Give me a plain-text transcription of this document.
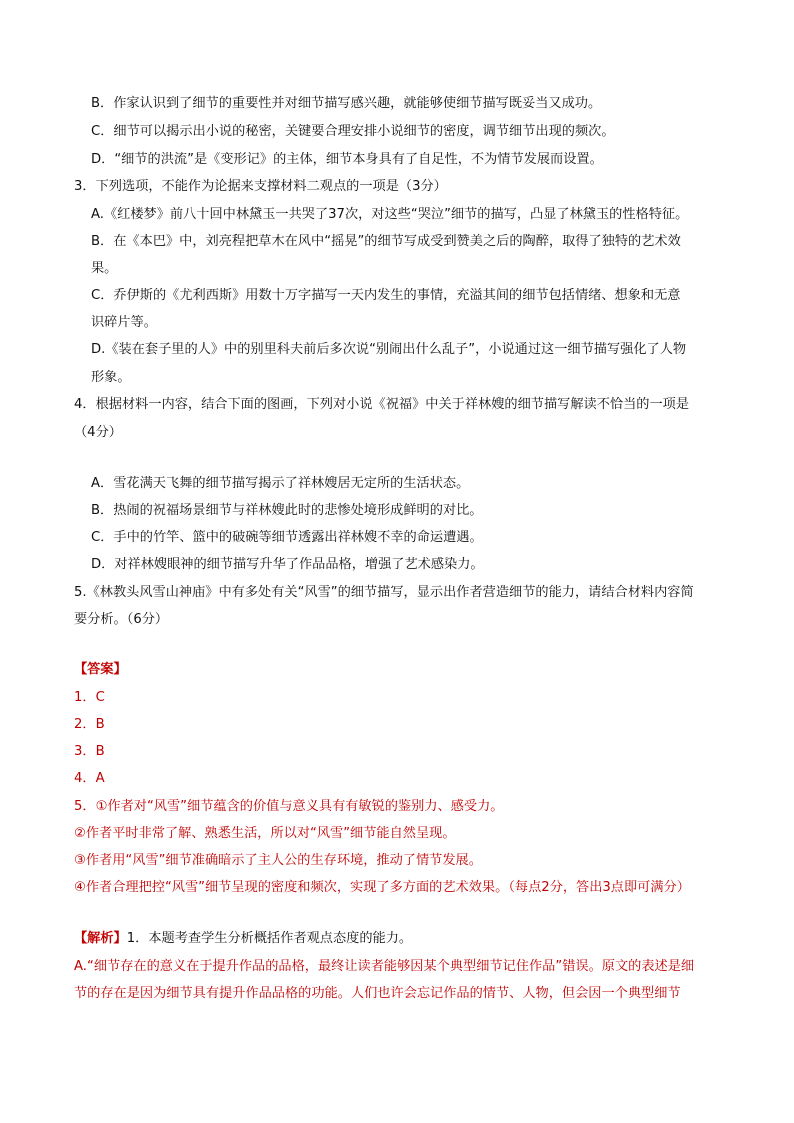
B．作家认识到了细节的重要性并对细节描写感兴趣，就能够使细节描写既妥当又成功。
C．细节可以揭示出小说的秘密，关键要合理安排小说细节的密度，调节细节出现的频次。
D．“细节的洪流”是《变形记》的主体，细节本身具有了自足性，不为情节发展而设置。
3．下列选项，不能作为论据来支撑材料二观点的一项是（3分）
A.《红楼梦》前八十回中林黛玉一共哭了37次，对这些“哭泣”细节的描写，凸显了林黛玉的性格特征。
B．在《本巴》中，刘亮程把草木在风中“摇晃”的细节写成受到赞美之后的陶醉，取得了独特的艺术效
果。
C．乔伊斯的《尤利西斯》用数十万字描写一天内发生的事情，充溢其间的细节包括情绪、想象和无意
识碎片等。
D.《装在套子里的人》中的别里科夫前后多次说“别闹出什么乱子”，小说通过这一细节描写强化了人物
形象。
4．根据材料一内容，结合下面的图画，下列对小说《祝福》中关于祥林嫂的细节描写解读不恰当的一项是
（4分）
A．雪花满天飞舞的细节描写揭示了祥林嫂居无定所的生活状态。
B．热闹的祝福场景细节与祥林嫂此时的悲惨处境形成鲜明的对比。
C．手中的竹竿、篮中的破碗等细节透露出祥林嫂不幸的命运遭遇。
D．对祥林嫂眼神的细节描写升华了作品品格，增强了艺术感染力。
5.《林教头风雪山神庙》中有多处有关“风雪”的细节描写，显示出作者营造细节的能力，请结合材料内容简
要分析。（6分）
【答案】
1．C
2．B
3．B
4．A
5．①作者对“风雪”细节蕴含的价值与意义具有有敏锐的鉴别力、感受力。
②作者平时非常了解、熟悉生活，所以对“风雪”细节能自然呈现。
③作者用“风雪”细节准确暗示了主人公的生存环境，推动了情节发展。
④作者合理把控“风雪”细节呈现的密度和频次，实现了多方面的艺术效果。（每点2分，答出3点即可满分）
【解析】1．本题考查学生分析概括作者观点态度的能力。
A.“细节存在的意义在于提升作品的品格，最终让读者能够因某个典型细节记住作品”错误。原文的表述是细
节的存在是因为细节具有提升作品品格的功能。人们也许会忘记作品的情节、人物，但会因一个典型细节
